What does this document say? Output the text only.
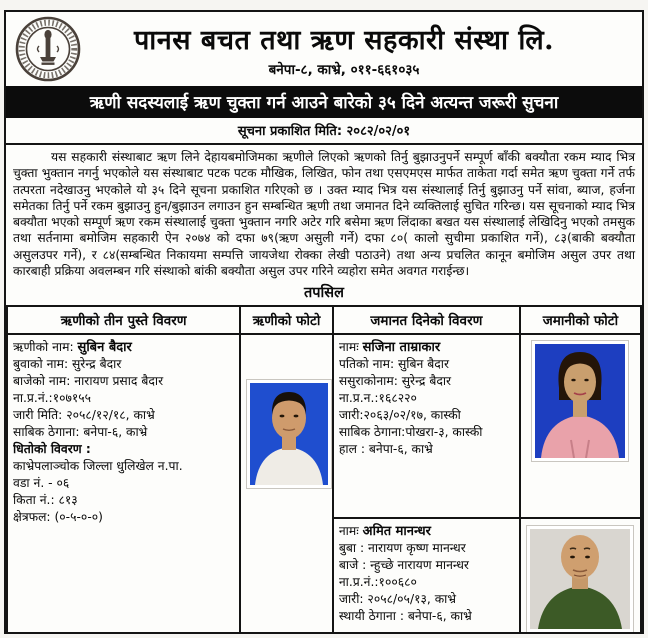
पानस बचत तथा ऋण सहकारी संस्था लि.
बनेपा-८, काभ्रे, ०११-६६१०३५
ऋणी सदस्यलाई ऋण चुक्ता गर्न आउने बारेको ३५ दिने अत्यन्त जरूरी सुचना
सूचना प्रकाशित मिति: २०८२/०२/०१
यस सहकारी संस्थाबाट ऋण लिने देहायबमोजिमका ऋणीले लिएको ऋणको तिर्नु बुझाउनुपर्ने सम्पूर्ण बाँकी बक्यौता रकम म्याद भित्र चुक्ता भुक्तान नगर्नु भएकोले यस संस्थाबाट पटक पटक मौखिक, लिखित, फोन तथा एसएमएस मार्फत ताकेता गर्दा समेत ऋण चुक्ता गर्ने तर्फ तत्परता नदेखाउनु भएकोले यो ३५ दिने सूचना प्रकाशित गरिएको छ । उक्त म्याद भित्र यस संस्थालाई तिर्नु बुझाउनु पर्ने सांवा, ब्याज, हर्जना समेतका तिर्नु पर्ने रकम बुझाउनु हुन/बुझाउन लगाउन हुन सम्बन्धित ऋणी तथा जमानत दिने व्यक्तिलाई सुचित गरिन्छ। यस सूचनाको म्याद भित्र बक्यौता भएको सम्पूर्ण ऋण रकम संस्थालाई चुक्ता भुक्तान नगरि अटेर गरि बसेमा ऋण लिंदाका बखत यस संस्थालाई लेखिदिनु भएको तमसुक तथा सर्तनामा बमोजिम सहकारी ऐन २०७४ को दफा ७९(ऋण असुली गर्ने) दफा ८०( कालो सुचीमा प्रकाशित गर्ने), ८३(बाकी बक्यौता असुलउपर गर्ने), र ८४(सम्बन्धित निकायमा सम्पत्ति जायजेथा रोक्का लेखी पठाउने) तथा अन्य प्रचलित कानून बमोजिम असुल उपर तथा कारबाही प्रक्रिया अवलम्बन गरि संस्थाको बांकी बक्यौता असुल उपर गरिने व्यहोरा समेत अवगत गराईन्छ।
तपसिल
ऋणीको तीन पुस्ते विवरण	ऋणीको फोटो	जमानत दिनेको विवरण	जमानीको फोटो

ऋणीको नाम: सुबिन बैदार
बुवाको नाम: सुरेन्द्र बैदार
बाजेको नाम: नारायण प्रसाद बैदार
ना.प्र.नं.:१०७१५५
जारी मिति: २०५८/१२/१८, काभ्रे
साबिक ठेगाना: बनेपा-६, काभ्रे
धितोको विवरण :
काभ्रेपलाञ्चोक जिल्ला धुलिखेल न.पा.
वडा नं. - ०६
किता नं.: ८१३
क्षेत्रफल: (०-५-०-०)

नामः सजिना ताम्राकार
पतिको नाम: सुबिन बैदार
ससुराकोनाम: सुरेन्द्र बैदार
ना.प्र.न.:१६८२२०
जारी:२०६३/०२/१७, कास्की
साबिक ठेगाना:पोखरा-३, कास्की
हाल : बनेपा-६, काभ्रे

नामः अमित मानन्धर
बुबा : नारायण कृष्ण मानन्धर
बाजे : न्हुच्छे नारायण मानन्धर
ना.प्र.नं.:१००६८०
जारी: २०५८/०५/१३, काभ्रे
स्थायी ठेगाना : बनेपा-६, काभ्रे
